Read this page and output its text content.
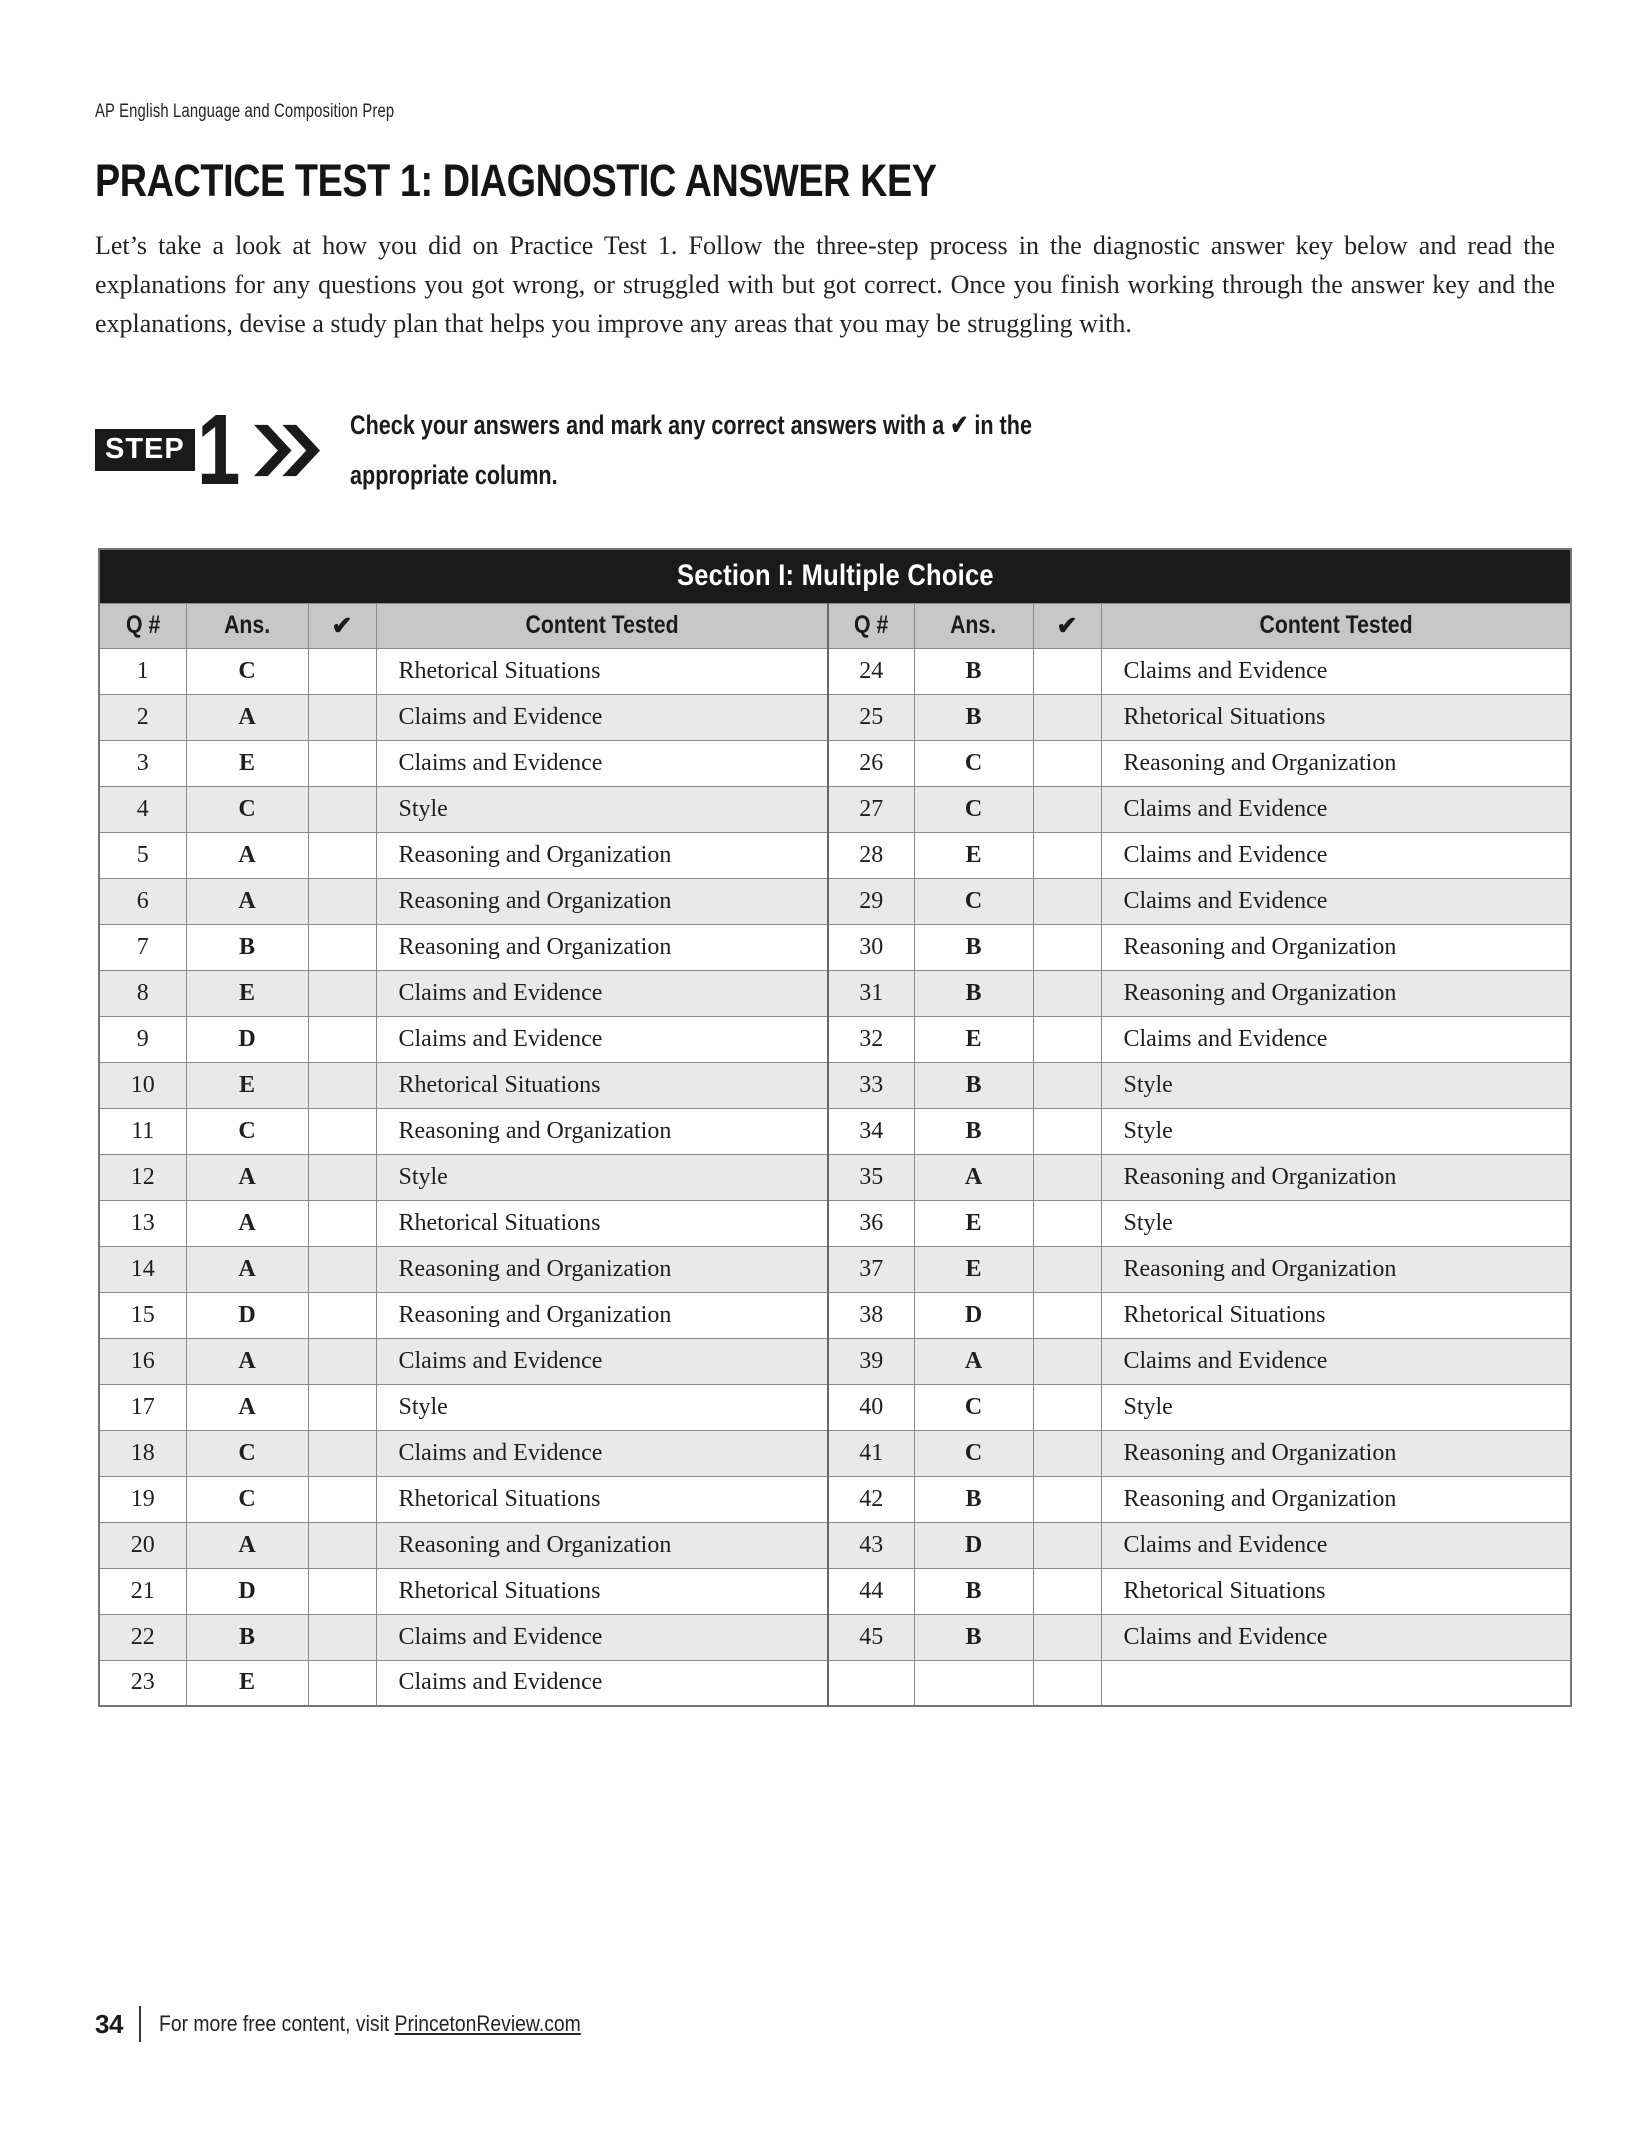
AP English Language and Composition Prep
PRACTICE TEST 1: DIAGNOSTIC ANSWER KEY

Let’s take a look at how you did on Practice Test 1. Follow the three-step process in the diagnostic answer key below and read the explanations for any questions you got wrong, or struggled with but got correct. Once you finish working through the answer key and the explanations, devise a study plan that helps you improve any areas that you may be struggling with.

STEP 1	Check your answers and mark any correct answers with a ✔ in the appropriate column.
Section I: Multiple Choice							
Q #	Ans.	✔	Content Tested	Q #	Ans.	✔	Content Tested
1	C		Rhetorical Situations	24	B		Claims and Evidence
2	A		Claims and Evidence	25	B		Rhetorical Situations
3	E		Claims and Evidence	26	C		Reasoning and Organization
4	C		Style	27	C		Claims and Evidence
5	A		Reasoning and Organization	28	E		Claims and Evidence
6	A		Reasoning and Organization	29	C		Claims and Evidence
7	B		Reasoning and Organization	30	B		Reasoning and Organization
8	E		Claims and Evidence	31	B		Reasoning and Organization
9	D		Claims and Evidence	32	E		Claims and Evidence
10	E		Rhetorical Situations	33	B		Style
11	C		Reasoning and Organization	34	B		Style
12	A		Style	35	A		Reasoning and Organization
13	A		Rhetorical Situations	36	E		Style
14	A		Reasoning and Organization	37	E		Reasoning and Organization
15	D		Reasoning and Organization	38	D		Rhetorical Situations
16	A		Claims and Evidence	39	A		Claims and Evidence
17	A		Style	40	C		Style
18	C		Claims and Evidence	41	C		Reasoning and Organization
19	C		Rhetorical Situations	42	B		Reasoning and Organization
20	A		Reasoning and Organization	43	D		Claims and Evidence
21	D		Rhetorical Situations	44	B		Rhetorical Situations
22	B		Claims and Evidence	45	B		Claims and Evidence
23	E		Claims and Evidence				
34 For more free content, visit PrincetonReview.com
